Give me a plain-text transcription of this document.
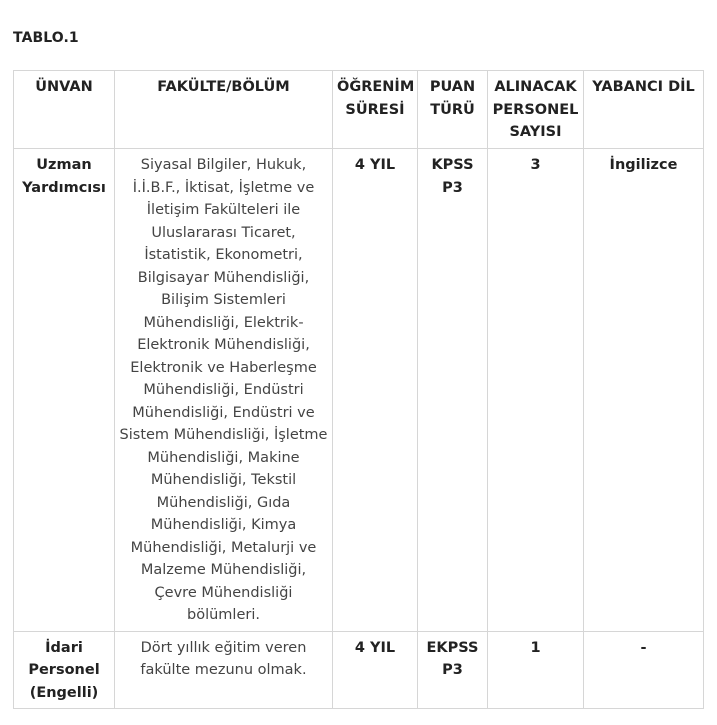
TABLO.1
ÜNVAN	FAKÜLTE/BÖLÜM	ÖĞRENİM SÜRESİ	PUAN TÜRÜ	ALINACAK PERSONEL SAYISI	YABANCI DİL
Uzman Yardımcısı	Siyasal Bilgiler, Hukuk, İ.İ.B.F., İktisat, İşletme ve İletişim Fakülteleri ile Uluslararası Ticaret, İstatistik, Ekonometri, Bilgisayar Mühendisliği, Bilişim Sistemleri Mühendisliği, Elektrik-Elektronik Mühendisliği, Elektronik ve Haberleşme Mühendisliği, Endüstri Mühendisliği, Endüstri ve Sistem Mühendisliği, İşletme Mühendisliği, Makine Mühendisliği, Tekstil Mühendisliği, Gıda Mühendisliği, Kimya Mühendisliği, Metalurji ve Malzeme Mühendisliği, Çevre Mühendisliği bölümleri.	4 YIL	KPSS P3	3	İngilizce
İdari Personel (Engelli)	Dört yıllık eğitim veren fakülte mezunu olmak.	4 YIL	EKPSS P3	1	-
